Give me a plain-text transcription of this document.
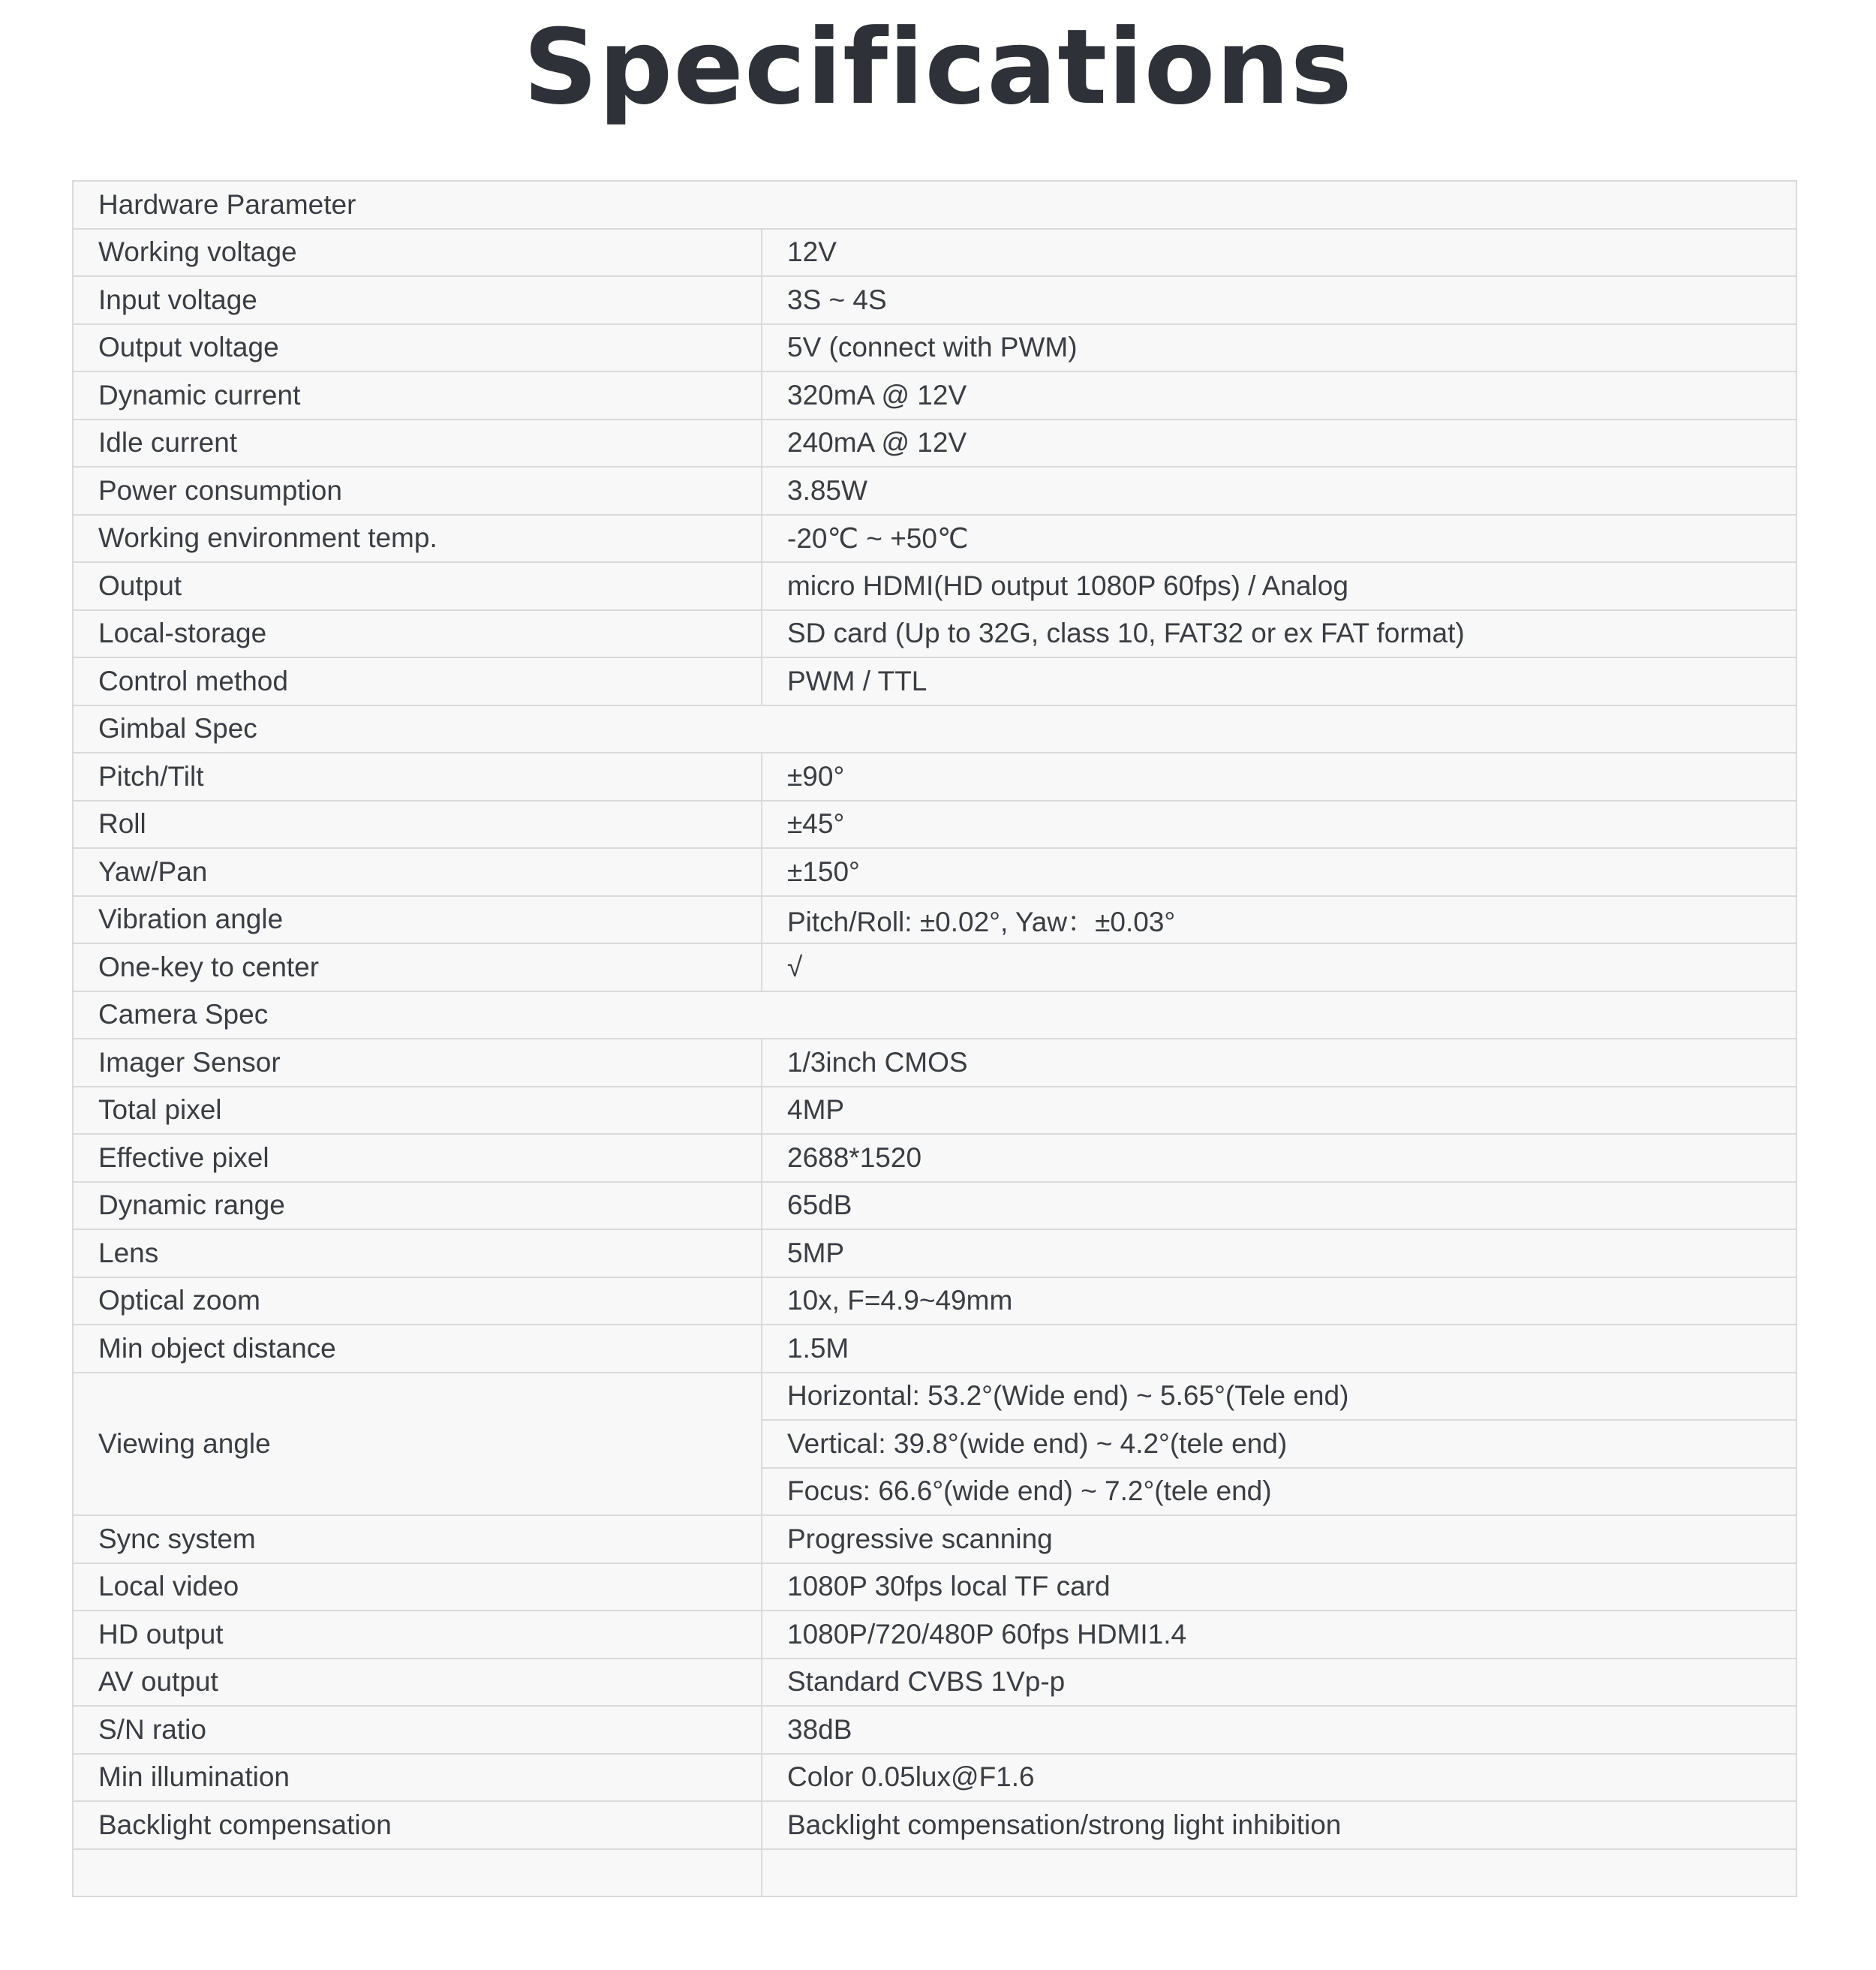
Specifications
Hardware Parameter	
Working voltage	12V
Input voltage	3S ~ 4S
Output voltage	5V (connect with PWM)
Dynamic current	320mA @ 12V
Idle current	240mA @ 12V
Power consumption	3.85W
Working environment temp.	-20℃ ~ +50℃
Output	micro HDMI(HD output 1080P 60fps) / Analog
Local-storage	SD card (Up to 32G, class 10, FAT32 or ex FAT format)
Control method	PWM / TTL
Gimbal Spec	
Pitch/Tilt	±90°
Roll	±45°
Yaw/Pan	±150°
Vibration angle	Pitch/Roll: ±0.02°, Yaw：±0.03°
One-key to center	√
Camera Spec	
Imager Sensor	1/3inch CMOS
Total pixel	4MP
Effective pixel	2688*1520
Dynamic range	65dB
Lens	5MP
Optical zoom	10x, F=4.9~49mm
Min object distance	1.5M
Viewing angle	Horizontal: 53.2°(Wide end) ~ 5.65°(Tele end)
	Vertical: 39.8°(wide end) ~ 4.2°(tele end)
	Focus: 66.6°(wide end) ~ 7.2°(tele end)
Sync system	Progressive scanning
Local video	1080P 30fps local TF card
HD output	1080P/720/480P 60fps HDMI1.4
AV output	Standard CVBS 1Vp-p
S/N ratio	38dB
Min illumination	Color 0.05lux@F1.6
Backlight compensation	Backlight compensation/strong light inhibition
